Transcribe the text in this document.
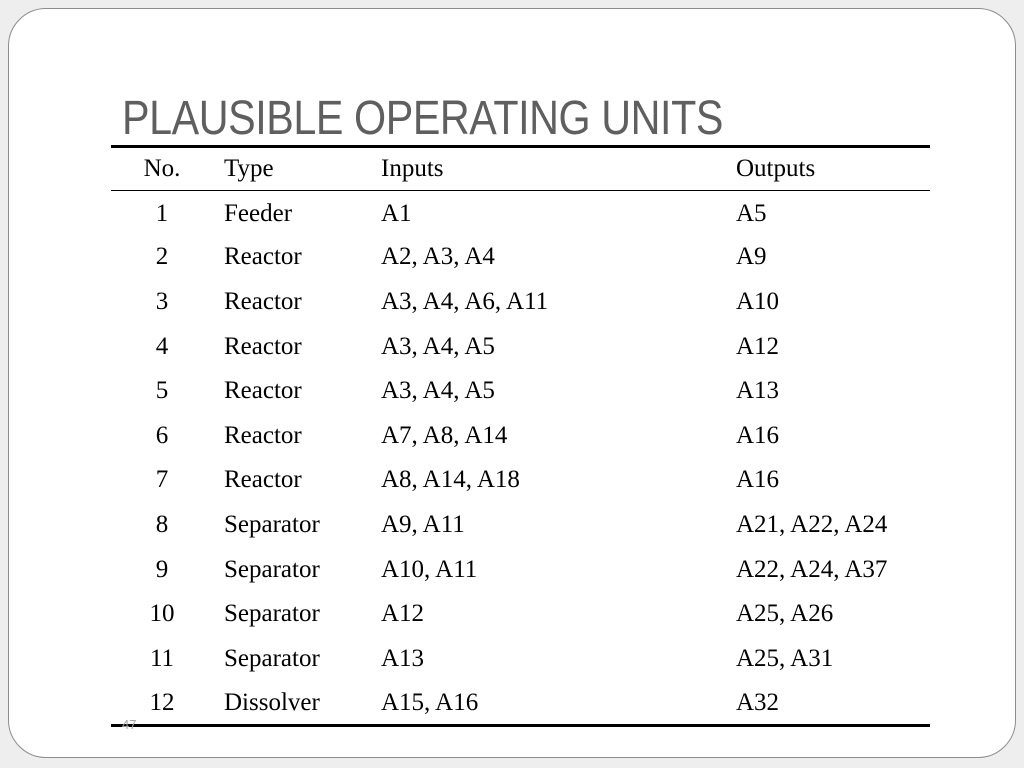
PLAUSIBLE OPERATING UNITS
No.	Type	Inputs	Outputs
1	Feeder	A1	A5
2	Reactor	A2, A3, A4	A9
3	Reactor	A3, A4, A6, A11	A10
4	Reactor	A3, A4, A5	A12
5	Reactor	A3, A4, A5	A13
6	Reactor	A7, A8, A14	A16
7	Reactor	A8, A14, A18	A16
8	Separator	A9, A11	A21, A22, A24
9	Separator	A10, A11	A22, A24, A37
10	Separator	A12	A25, A26
11	Separator	A13	A25, A31
12	Dissolver	A15, A16	A32
47
